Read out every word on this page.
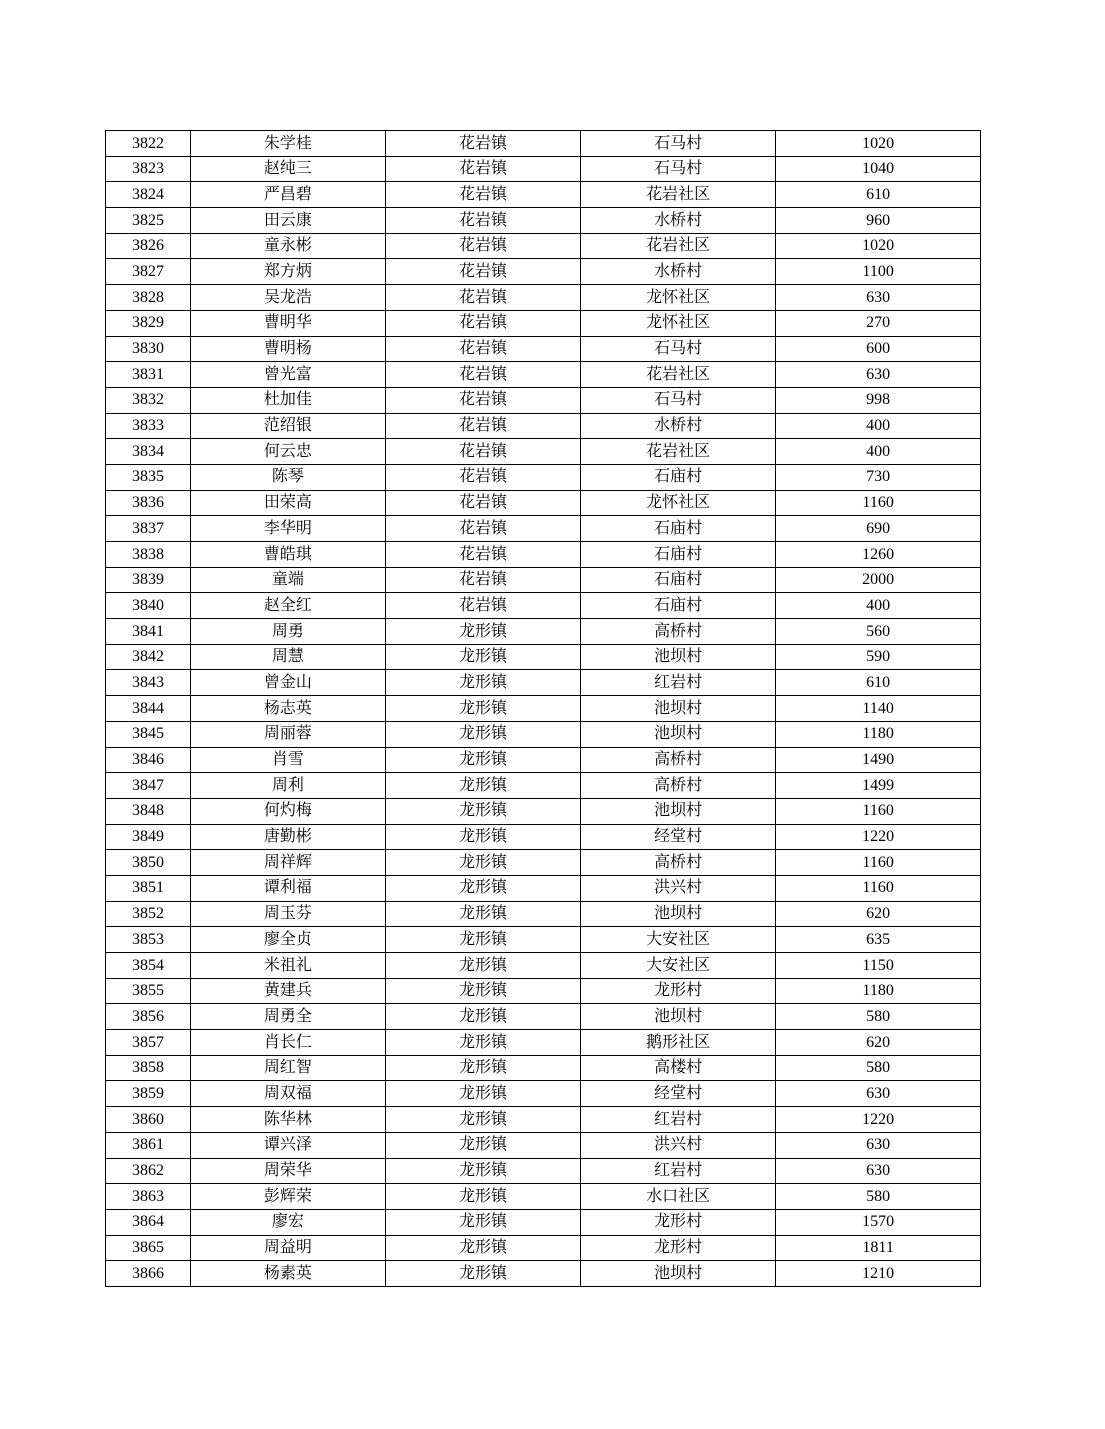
3822	朱学桂	花岩镇	石马村	1020
3823	赵纯三	花岩镇	石马村	1040
3824	严昌碧	花岩镇	花岩社区	610
3825	田云康	花岩镇	水桥村	960
3826	童永彬	花岩镇	花岩社区	1020
3827	郑方炳	花岩镇	水桥村	1100
3828	吴龙浩	花岩镇	龙怀社区	630
3829	曹明华	花岩镇	龙怀社区	270
3830	曹明杨	花岩镇	石马村	600
3831	曾光富	花岩镇	花岩社区	630
3832	杜加佳	花岩镇	石马村	998
3833	范绍银	花岩镇	水桥村	400
3834	何云忠	花岩镇	花岩社区	400
3835	陈琴	花岩镇	石庙村	730
3836	田荣高	花岩镇	龙怀社区	1160
3837	李华明	花岩镇	石庙村	690
3838	曹皓琪	花岩镇	石庙村	1260
3839	童端	花岩镇	石庙村	2000
3840	赵全红	花岩镇	石庙村	400
3841	周勇	龙形镇	高桥村	560
3842	周慧	龙形镇	池坝村	590
3843	曾金山	龙形镇	红岩村	610
3844	杨志英	龙形镇	池坝村	1140
3845	周丽蓉	龙形镇	池坝村	1180
3846	肖雪	龙形镇	高桥村	1490
3847	周利	龙形镇	高桥村	1499
3848	何灼梅	龙形镇	池坝村	1160
3849	唐勤彬	龙形镇	经堂村	1220
3850	周祥辉	龙形镇	高桥村	1160
3851	谭利福	龙形镇	洪兴村	1160
3852	周玉芬	龙形镇	池坝村	620
3853	廖全贞	龙形镇	大安社区	635
3854	米祖礼	龙形镇	大安社区	1150
3855	黄建兵	龙形镇	龙形村	1180
3856	周勇全	龙形镇	池坝村	580
3857	肖长仁	龙形镇	鹅形社区	620
3858	周红智	龙形镇	高楼村	580
3859	周双福	龙形镇	经堂村	630
3860	陈华林	龙形镇	红岩村	1220
3861	谭兴泽	龙形镇	洪兴村	630
3862	周荣华	龙形镇	红岩村	630
3863	彭辉荣	龙形镇	水口社区	580
3864	廖宏	龙形镇	龙形村	1570
3865	周益明	龙形镇	龙形村	1811
3866	杨素英	龙形镇	池坝村	1210
